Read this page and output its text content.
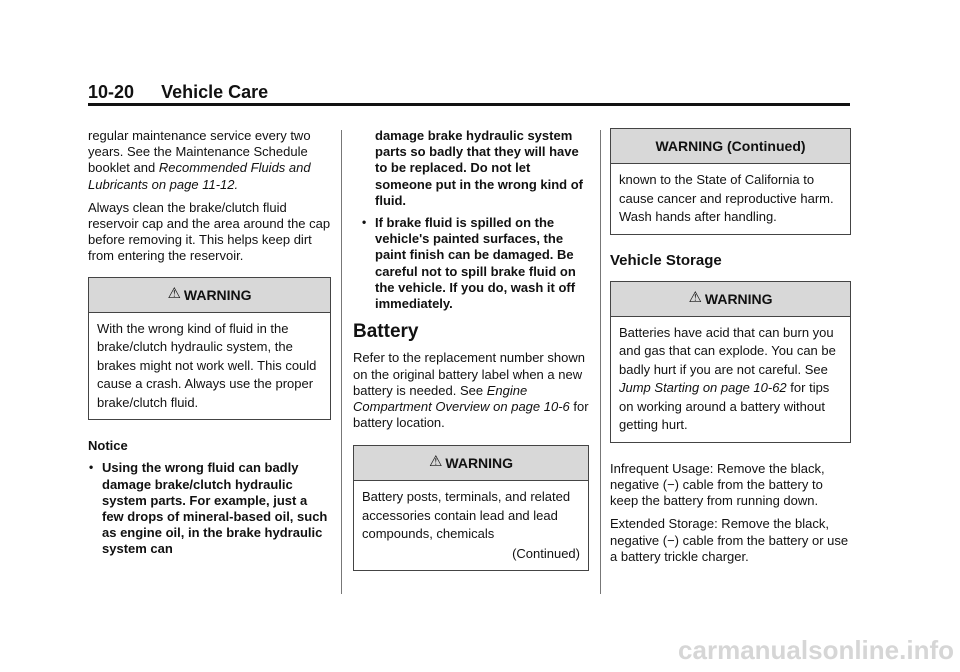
10-20 Vehicle Care

regular maintenance service every two years. See the Maintenance Schedule booklet and Recommended Fluids and Lubricants on page 11-12.

Always clean the brake/clutch fluid reservoir cap and the area around the cap before removing it. This helps keep dirt from entering the reservoir.

⚠ WARNING
With the wrong kind of fluid in the brake/clutch hydraulic system, the brakes might not work well. This could cause a crash. Always use the proper brake/clutch fluid.
Notice
• Using the wrong fluid can badly damage brake/clutch hydraulic system parts. For example, just a few drops of mineral-based oil, such as engine oil, in the brake hydraulic system can
damage brake hydraulic system parts so badly that they will have to be replaced. Do not let someone put in the wrong kind of fluid.
• If brake fluid is spilled on the vehicle's painted surfaces, the paint finish can be damaged. Be careful not to spill brake fluid on the vehicle. If you do, wash it off immediately.
Battery

Refer to the replacement number shown on the original battery label when a new battery is needed. See Engine Compartment Overview on page 10-6 for battery location.

⚠ WARNING
Battery posts, terminals, and related accessories contain lead and lead compounds, chemicals
(Continued)
WARNING (Continued)
known to the State of California to cause cancer and reproductive harm. Wash hands after handling.
Vehicle Storage
⚠ WARNING
Batteries have acid that can burn you and gas that can explode. You can be badly hurt if you are not careful. See Jump Starting on page 10-62 for tips on working around a battery without getting hurt.

Infrequent Usage: Remove the black, negative (−) cable from the battery to keep the battery from running down.

Extended Storage: Remove the black, negative (−) cable from the battery or use a battery trickle charger.

carmanualsonline.info
